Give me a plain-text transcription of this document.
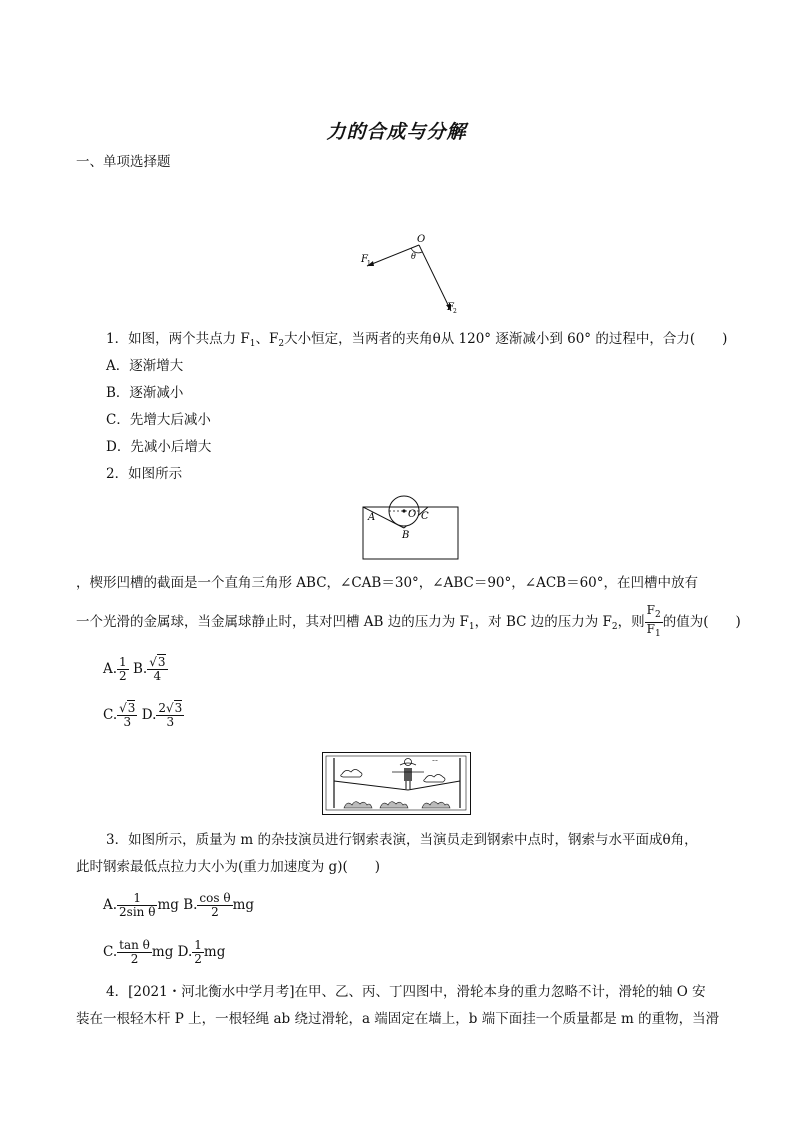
力的合成与分解
一、单项选择题
O
θ
F 1
F 2
1．如图，两个共点力 $F_1$、$F_2$大小恒定，当两者的夹角θ从 120° 逐渐减小到 60° 的过程中，合力(　　)
A．逐渐增大
B．逐渐减小
C．先增大后减小
D．先减小后增大
2．如图所示
A
B
C
O
，楔形凹槽的截面是一个直角三角形 ABC，∠CAB＝30°，∠ABC＝90°，∠ACB＝60°，在凹槽中放有
一个光滑的金属球，当金属球静止时，其对凹槽 AB 边的压力为 $F_1$，对 BC 边的压力为 $F_2$，则 $\frac{F_2}{F_1}$ 的值为(　　)
A. $\frac{1}{2} B$. $\frac{√3}{4}$
C. $\frac{√3}{3} D$. $\frac{2√3}{3}$
˜˜
3．如图所示，质量为 m 的杂技演员进行钢索表演，当演员走到钢索中点时，钢索与水平面成θ角，
此时钢索最低点拉力大小为(重力加速度为 g)(　　)
A. $\frac{1}{\text{2sin θ}}$ mg B. $\frac{\text{cos θ}}{2}$ mg
C. $\frac{\text{tan θ}}{2}$ mg D. $\frac{1}{2}$ mg
4．[2021・河北衡水中学月考]在甲、乙、丙、丁四图中，滑轮本身的重力忽略不计，滑轮的轴 O 安
装在一根轻木杆 P 上，一根轻绳 ab 绕过滑轮，a 端固定在墙上，b 端下面挂一个质量都是 m 的重物，当滑
